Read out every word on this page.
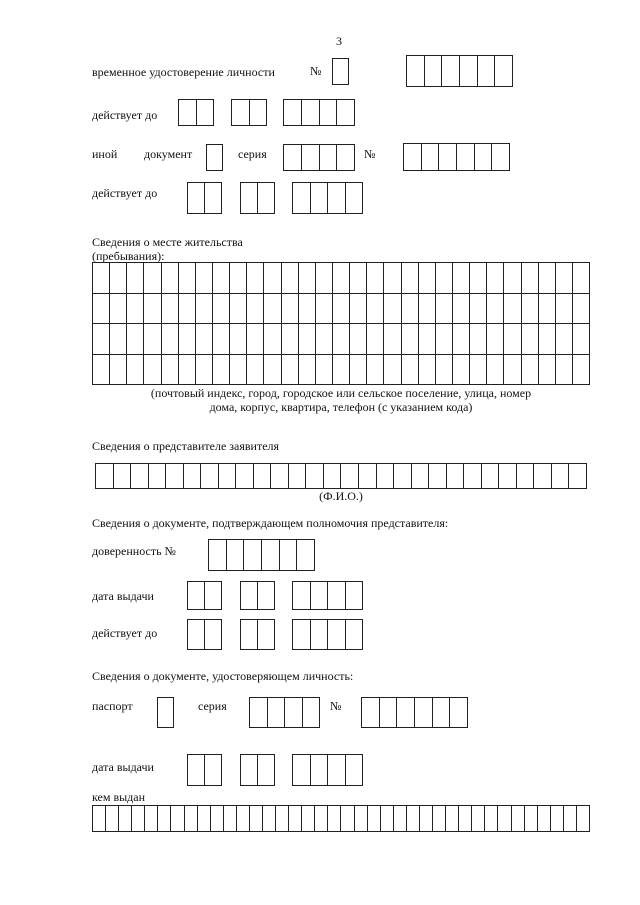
3
временное удостоверение личности	№
действует до
иной документ	серия	№
действует до
Сведения о месте жительства
(пребывания):
(почтовый индекс, город, городское или сельское поселение, улица, номер
дома, корпус, квартира, телефон (с указанием кода)
Сведения о представителе заявителя
(Ф.И.О.)
Сведения о документе, подтверждающем полномочия представителя:
доверенность №
дата выдачи
действует до
Сведения о документе, удостоверяющем личность:
паспорт	серия	№
дата выдачи
кем выдан
